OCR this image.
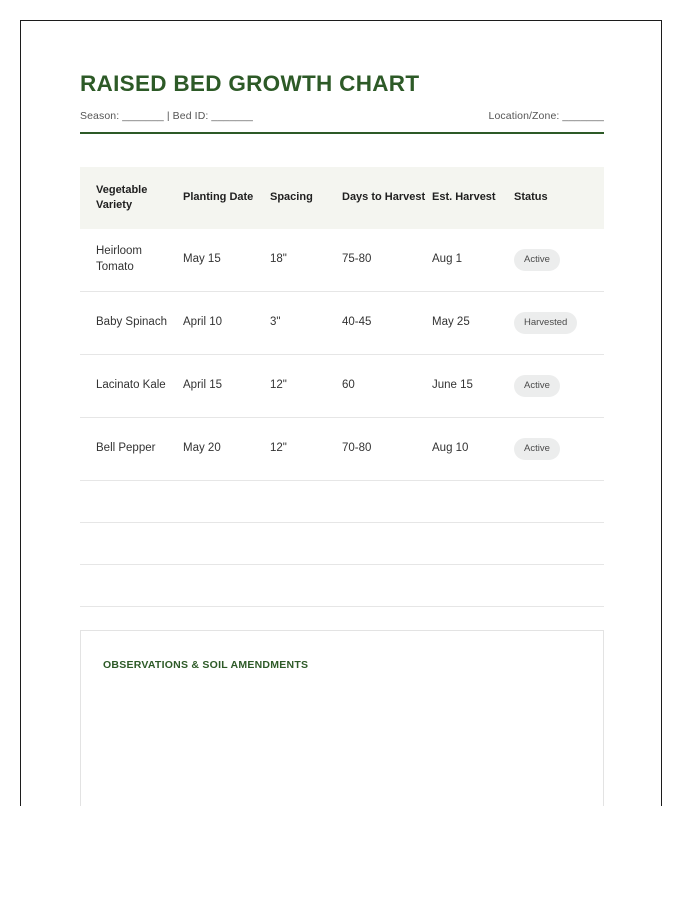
RAISED BED GROWTH CHART
Season: _______ | Bed ID: _______	Location/Zone: _______
Vegetable Variety	Planting Date	Spacing	Days to Harvest	Est. Harvest	Status
Heirloom Tomato	May 15	18"	75-80	Aug 1	Active
Baby Spinach	April 10	3"	40-45	May 25	Harvested
Lacinato Kale	April 15	12"	60	June 15	Active
Bell Pepper	May 20	12"	70-80	Aug 10	Active

OBSERVATIONS & SOIL AMENDMENTS
